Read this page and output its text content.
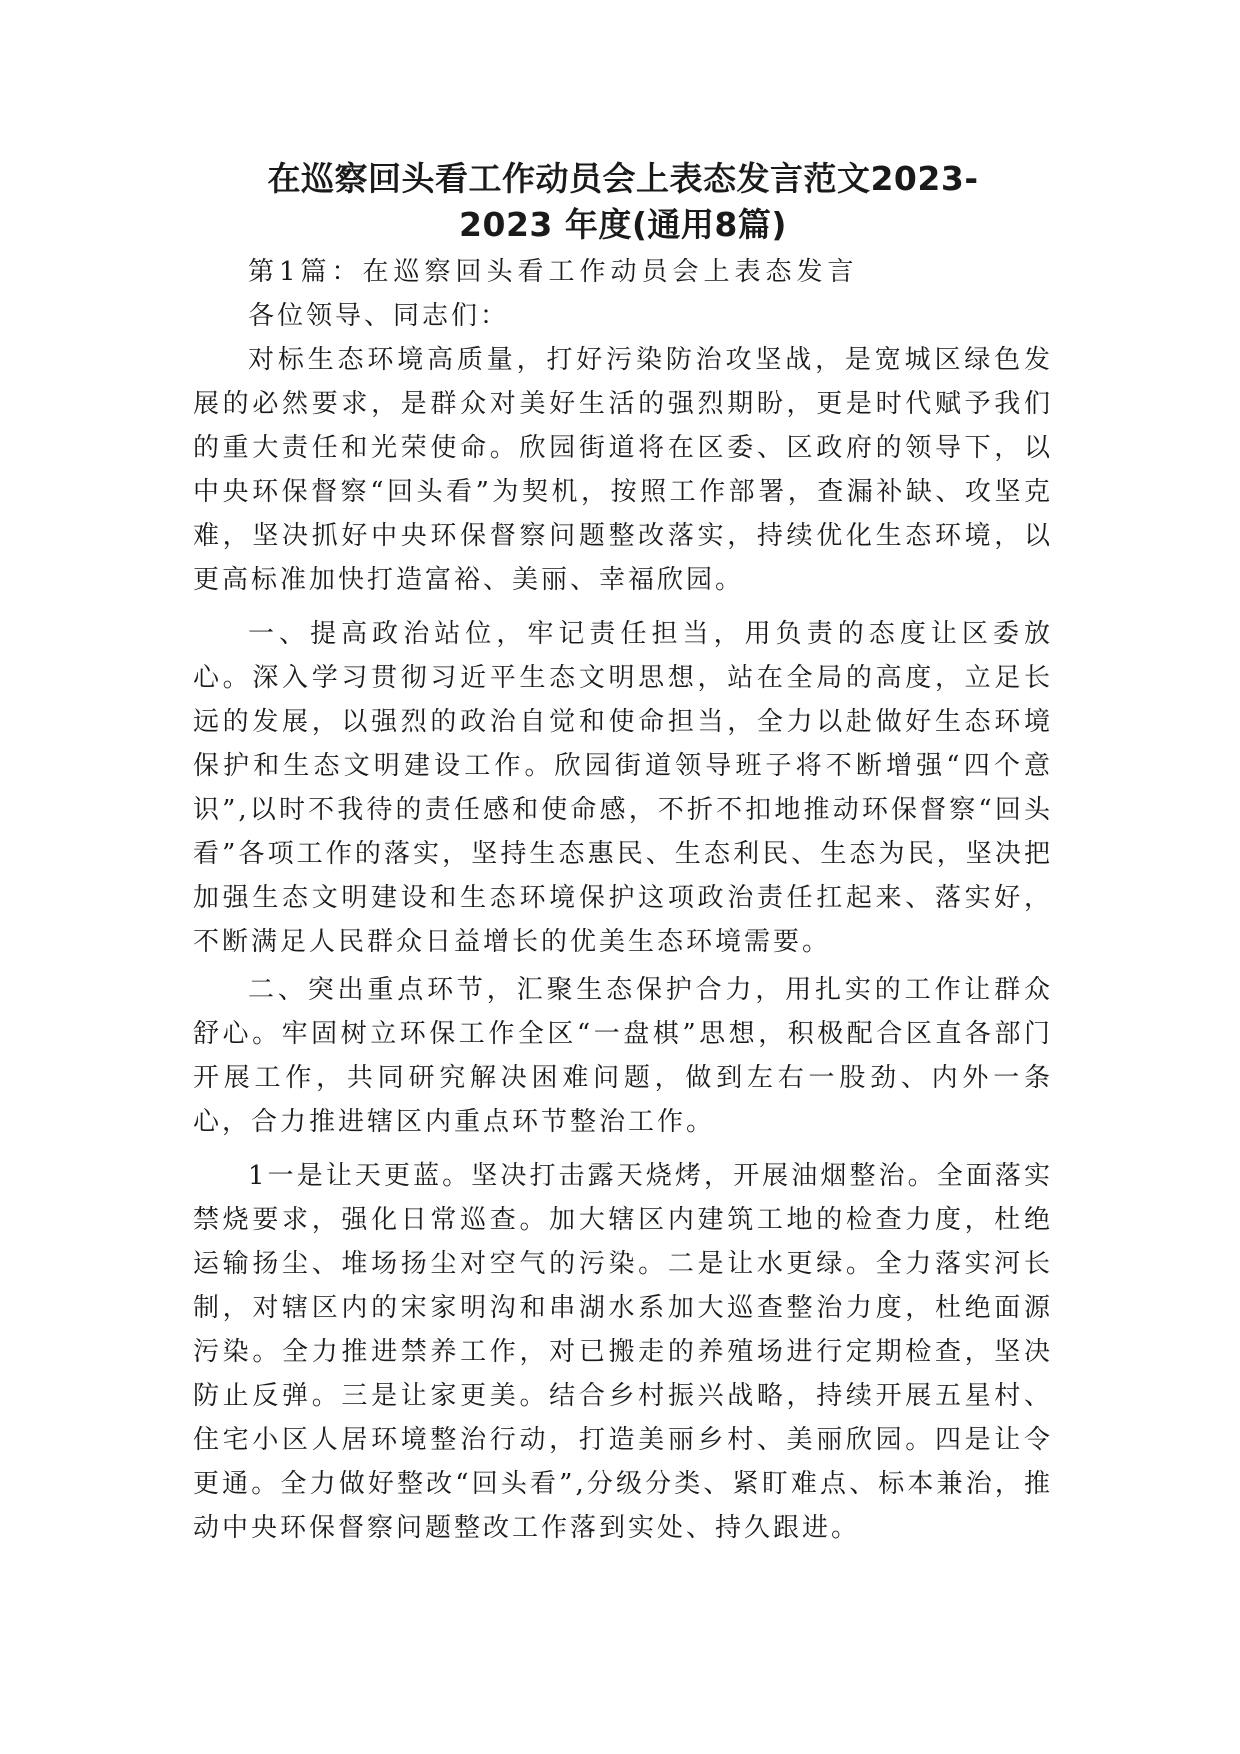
在巡察回头看工作动员会上表态发言范文2023-2023 年度(通用8篇)

第1篇：在巡察回头看工作动员会上表态发言

各位领导、同志们：

对标生态环境高质量，打好污染防治攻坚战，是宽城区绿色发展的必然要求，是群众对美好生活的强烈期盼，更是时代赋予我们的重大责任和光荣使命。欣园街道将在区委、区政府的领导下，以中央环保督察“回头看”为契机，按照工作部署，查漏补缺、攻坚克难，坚决抓好中央环保督察问题整改落实，持续优化生态环境，以更高标准加快打造富裕、美丽、幸福欣园。

一、提高政治站位，牢记责任担当，用负责的态度让区委放心。深入学习贯彻习近平生态文明思想，站在全局的高度，立足长远的发展，以强烈的政治自觉和使命担当，全力以赴做好生态环境保护和生态文明建设工作。欣园街道领导班子将不断增强“四个意识”,以时不我待的责任感和使命感，不折不扣地推动环保督察“回头看”各项工作的落实，坚持生态惠民、生态利民、生态为民，坚决把加强生态文明建设和生态环境保护这项政治责任扛起来、落实好，不断满足人民群众日益增长的优美生态环境需要。

二、突出重点环节，汇聚生态保护合力，用扎实的工作让群众舒心。牢固树立环保工作全区“一盘棋”思想，积极配合区直各部门开展工作，共同研究解决困难问题，做到左右一股劲、内外一条心，合力推进辖区内重点环节整治工作。

1一是让天更蓝。坚决打击露天烧烤，开展油烟整治。全面落实禁烧要求，强化日常巡查。加大辖区内建筑工地的检查力度，杜绝运输扬尘、堆场扬尘对空气的污染。二是让水更绿。全力落实河长制，对辖区内的宋家明沟和串湖水系加大巡查整治力度，杜绝面源污染。全力推进禁养工作，对已搬走的养殖场进行定期检查，坚决防止反弹。三是让家更美。结合乡村振兴战略，持续开展五星村、住宅小区人居环境整治行动，打造美丽乡村、美丽欣园。四是让令更通。全力做好整改“回头看”,分级分类、紧盯难点、标本兼治，推动中央环保督察问题整改工作落到实处、持久跟进。
